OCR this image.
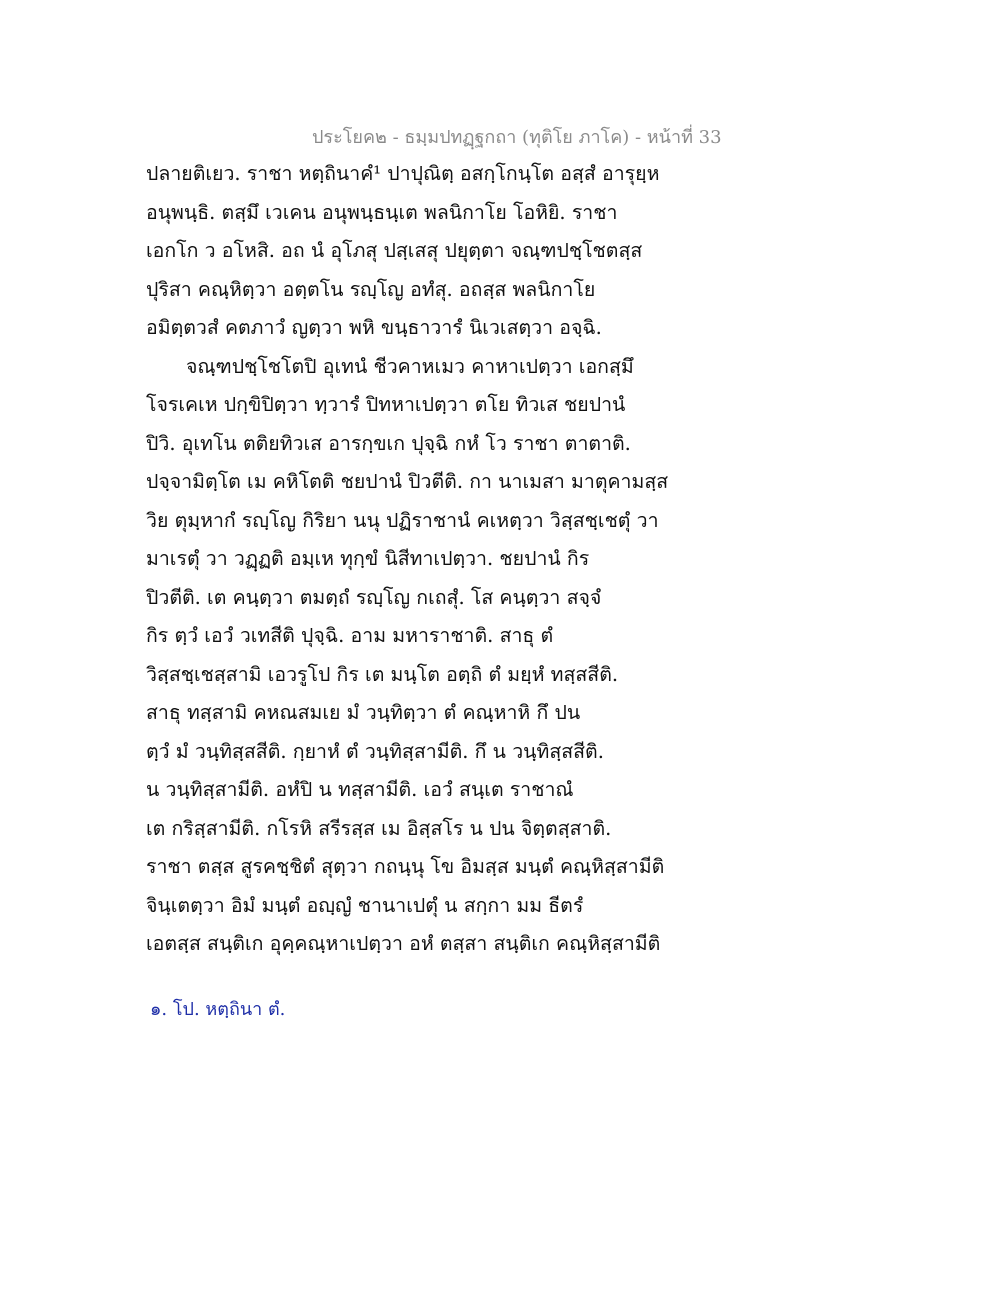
ประโยค๒ - ธมฺมปทฏฺฐกถา (ทุติโย ภาโค) - หน้าที่ 33
ปลายติเยว. ราชา หตฺถินาคํ¹ ปาปุณิตฺ อสกฺโกนฺโต อสฺสํ อารุยฺห
อนุพนฺธิ. ตสฺมึ เวเคน อนุพนฺธนฺเต พลนิกาโย โอหิยิ. ราชา
เอกโก ว อโหสิ. อถ นํ อุโภสุ ปสฺเสสุ ปยุตฺตา จณฺฑปชฺโชตสฺส
ปุริสา คณฺหิตฺวา อตฺตโน รญฺโญ อทํสุ. อถสฺส พลนิกาโย
อมิตฺตวสํ คตภาวํ ญตฺวา พหิ ขนฺธาวารํ นิเวเสตฺวา อจฺฉิ.
จณฺฑปชฺโชโตปิ อุเทนํ ชีวคาหเมว คาหาเปตฺวา เอกสฺมึ
โจรเคเห ปกฺขิปิตฺวา ทฺวารํ ปิทหาเปตฺวา ตโย ทิวเส ชยปานํ
ปิวิ. อุเทโน ตติยทิวเส อารกฺขเก ปุจฺฉิ กหํ โว ราชา ตาตาติ.
ปจฺจามิตฺโต เม คหิโตติ ชยปานํ ปิวตีติ. กา นาเมสา มาตุคามสฺส
วิย ตุมฺหากํ รญฺโญ กิริยา นนุ ปฏิราชานํ คเหตฺวา วิสฺสชฺเชตุํ วา
มาเรตุํ วา วฏฺฏติ อมฺเห ทุกฺขํ นิสีทาเปตฺวา. ชยปานํ กิร
ปิวตีติ. เต คนฺตฺวา ตมตฺถํ รญฺโญ กเถสุํ. โส คนฺตฺวา สจฺจํ
กิร ตฺวํ เอวํ วเทสีติ ปุจฺฉิ. อาม มหาราชาติ. สาธุ ตํ
วิสฺสชฺเชสฺสามิ เอวรูโป กิร เต มนฺโต อตฺถิ ตํ มยฺหํ ทสฺสสีติ.
สาธุ ทสฺสามิ คหณสมเย มํ วนฺทิตฺวา ตํ คณฺหาหิ กึ ปน
ตฺวํ มํ วนฺทิสฺสสีติ. กฺยาหํ ตํ วนฺทิสฺสามีติ. กึ น วนฺทิสฺสสีติ.
น วนฺทิสฺสามีติ. อหํปิ น ทสฺสามีติ. เอวํ สนฺเต ราชาณํ
เต กริสฺสามีติ. กโรหิ สรีรสฺส เม อิสฺสโร น ปน จิตฺตสฺสาติ.
ราชา ตสฺส สูรคชฺชิตํ สุตฺวา กถนฺนุ โข อิมสฺส มนฺตํ คณฺหิสฺสามีติ
จินฺเตตฺวา อิมํ มนฺตํ อญฺญํ ชานาเปตุํ น สกฺกา มม ธีตรํ
เอตสฺส สนฺติเก อุคฺคณฺหาเปตฺวา อหํ ตสฺสา สนฺติเก คณฺหิสฺสามีติ
๑. โป. หตฺถินา ตํ.
